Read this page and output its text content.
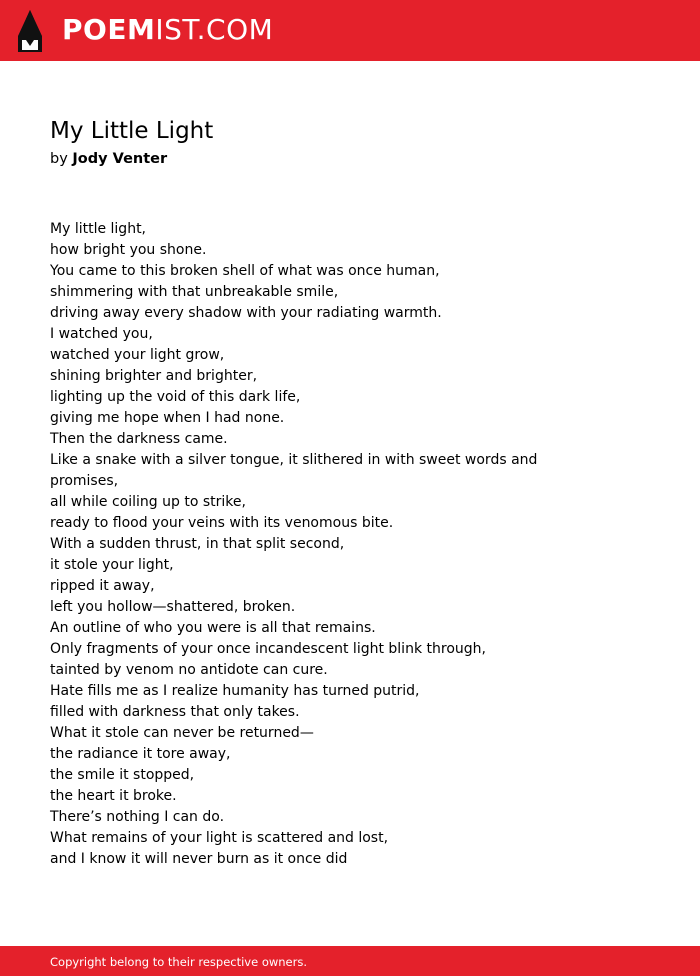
POEMIST.COM
My Little Light
by Jody Venter
My little light,
how bright you shone.
You came to this broken shell of what was once human,
shimmering with that unbreakable smile,
driving away every shadow with your radiating warmth.
I watched you,
watched your light grow,
shining brighter and brighter,
lighting up the void of this dark life,
giving me hope when I had none.
Then the darkness came.
Like a snake with a silver tongue, it slithered in with sweet words and
promises,
all while coiling up to strike,
ready to flood your veins with its venomous bite.
With a sudden thrust, in that split second,
it stole your light,
ripped it away,
left you hollow—shattered, broken.
An outline of who you were is all that remains.
Only fragments of your once incandescent light blink through,
tainted by venom no antidote can cure.
Hate fills me as I realize humanity has turned putrid,
filled with darkness that only takes.
What it stole can never be returned—
the radiance it tore away,
the smile it stopped,
the heart it broke.
There’s nothing I can do.
What remains of your light is scattered and lost,
and I know it will never burn as it once did
Copyright belong to their respective owners.
